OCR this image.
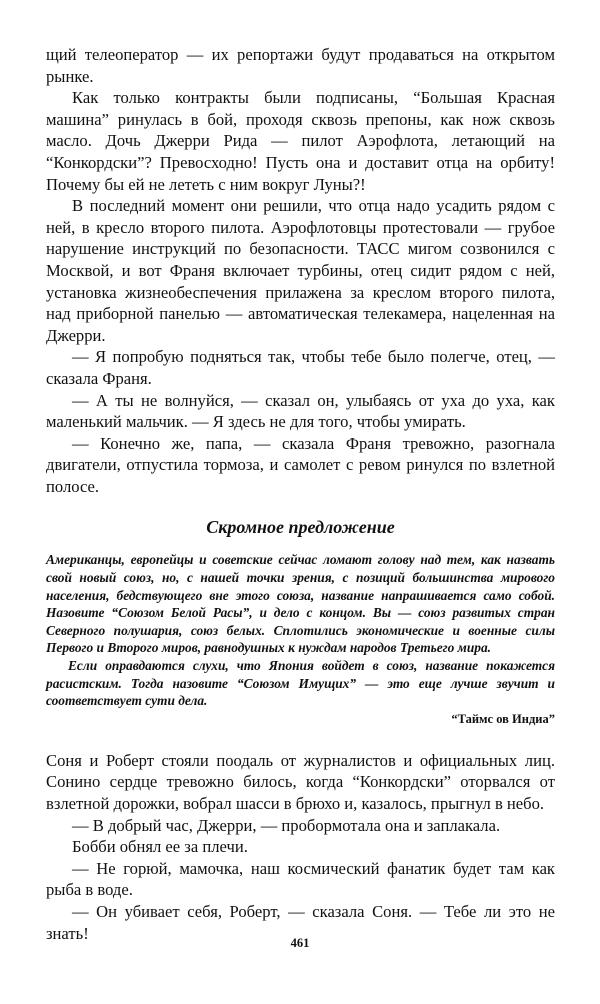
щий телеоператор — их репортажи будут продаваться на открытом рынке.

Как только контракты были подписаны, “Большая Красная машина” ринулась в бой, проходя сквозь препоны, как нож сквозь масло. Дочь Джерри Рида — пилот Аэрофлота, летающий на “Конкордски”? Превосходно! Пусть она и доставит отца на орбиту! Почему бы ей не лететь с ним вокруг Луны?!

В последний момент они решили, что отца надо усадить рядом с ней, в кресло второго пилота. Аэрофлотовцы протестовали — грубое нарушение инструкций по безопасности. ТАСС мигом созвонился с Москвой, и вот Франя включает турбины, отец сидит рядом с ней, установка жизнеобеспечения прилажена за креслом второго пилота, над приборной панелью — автоматическая телекамера, нацеленная на Джерри.

— Я попробую подняться так, чтобы тебе было полегче, отец, — сказала Франя.

— А ты не волнуйся, — сказал он, улыбаясь от уха до уха, как маленький мальчик. — Я здесь не для того, чтобы умирать.

— Конечно же, папа, — сказала Франя тревожно, разогнала двигатели, отпустила тормоза, и самолет с ревом ринулся по взлетной полосе.

Скромное предложение

Американцы, европейцы и советские сейчас ломают голову над тем, как назвать свой новый союз, но, с нашей точки зрения, с позиций большинства мирового населения, бедствующего вне этого союза, название напрашивается само собой. Назовите “Союзом Белой Расы”, и дело с концом. Вы — союз развитых стран Северного полушария, союз белых. Сплотились экономические и военные силы Первого и Второго миров, равнодушных к нуждам народов Третьего мира.

Если оправдаются слухи, что Япония войдет в союз, название покажется расистским. Тогда назовите “Союзом Имущих” — это еще лучше звучит и соответствует сути дела.

“Таймс ов Индиа”

Соня и Роберт стояли поодаль от журналистов и официальных лиц. Сонино сердце тревожно билось, когда “Конкордски” оторвался от взлетной дорожки, вобрал шасси в брюхо и, казалось, прыгнул в небо.

— В добрый час, Джерри, — пробормотала она и заплакала.

Бобби обнял ее за плечи.

— Не горюй, мамочка, наш космический фанатик будет там как рыба в воде.

— Он убивает себя, Роберт, — сказала Соня. — Тебе ли это не знать!

461
